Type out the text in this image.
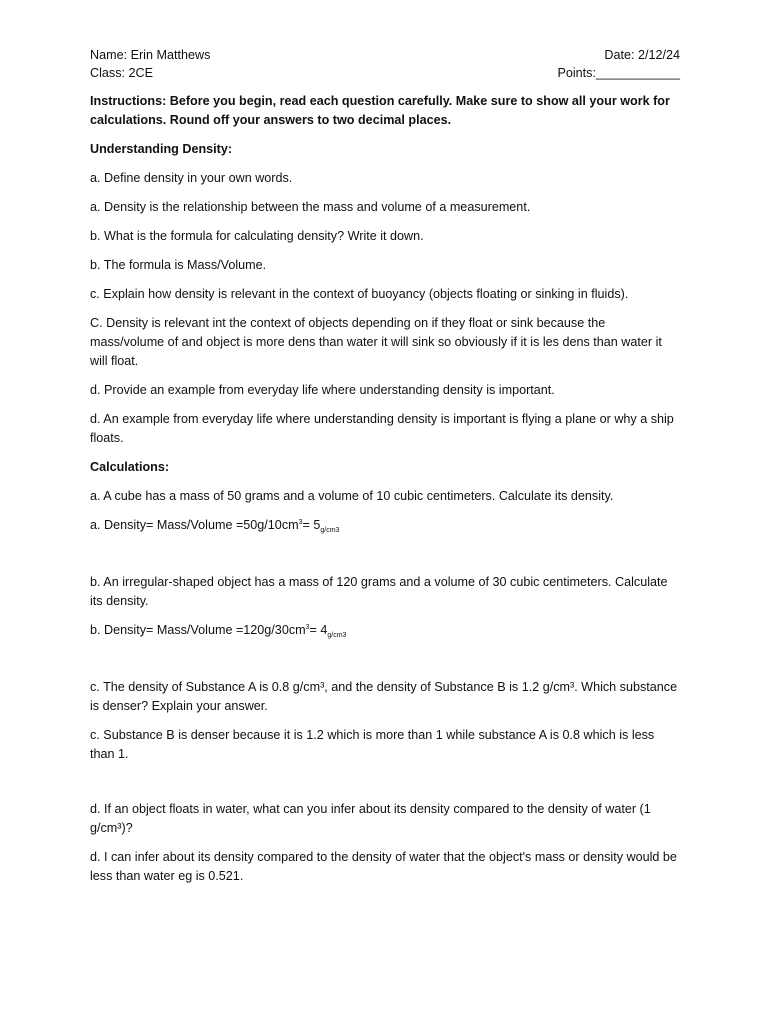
Name: Erin Matthews	Date: 2/12/24
Class: 2CE	Points:____________

Instructions: Before you begin, read each question carefully. Make sure to show all your work for calculations. Round off your answers to two decimal places.

Understanding Density:

a. Define density in your own words.

a. Density is the relationship between the mass and volume of a measurement.

b. What is the formula for calculating density? Write it down.

b. The formula is Mass/Volume.

c. Explain how density is relevant in the context of buoyancy (objects floating or sinking in fluids).

C. Density is relevant int the context of objects depending on if they float or sink because the mass/volume of and object is more dens than water it will sink so obviously if it is les dens than water it will float.

d. Provide an example from everyday life where understanding density is important.

d. An example from everyday life where understanding density is important is flying a plane or why a ship floats.

Calculations:

a. A cube has a mass of 50 grams and a volume of 10 cubic centimeters. Calculate its density.

a. Density= Mass/Volume $=50g/10cm^3= 5_{g/cm3}$

b. An irregular-shaped object has a mass of 120 grams and a volume of 30 cubic centimeters. Calculate its density.

b. Density= Mass/Volume $=120g/30cm^3= 4_{g/cm3}$

c. The density of Substance A is 0.8 g/cm³, and the density of Substance B is 1.2 g/cm³. Which substance is denser? Explain your answer.

c. Substance B is denser because it is 1.2 which is more than 1 while substance A is 0.8 which is less than 1.

d. If an object floats in water, what can you infer about its density compared to the density of water (1 g/cm³)?

d. I can infer about its density compared to the density of water that the object's mass or density would be less than water eg is 0.521.
